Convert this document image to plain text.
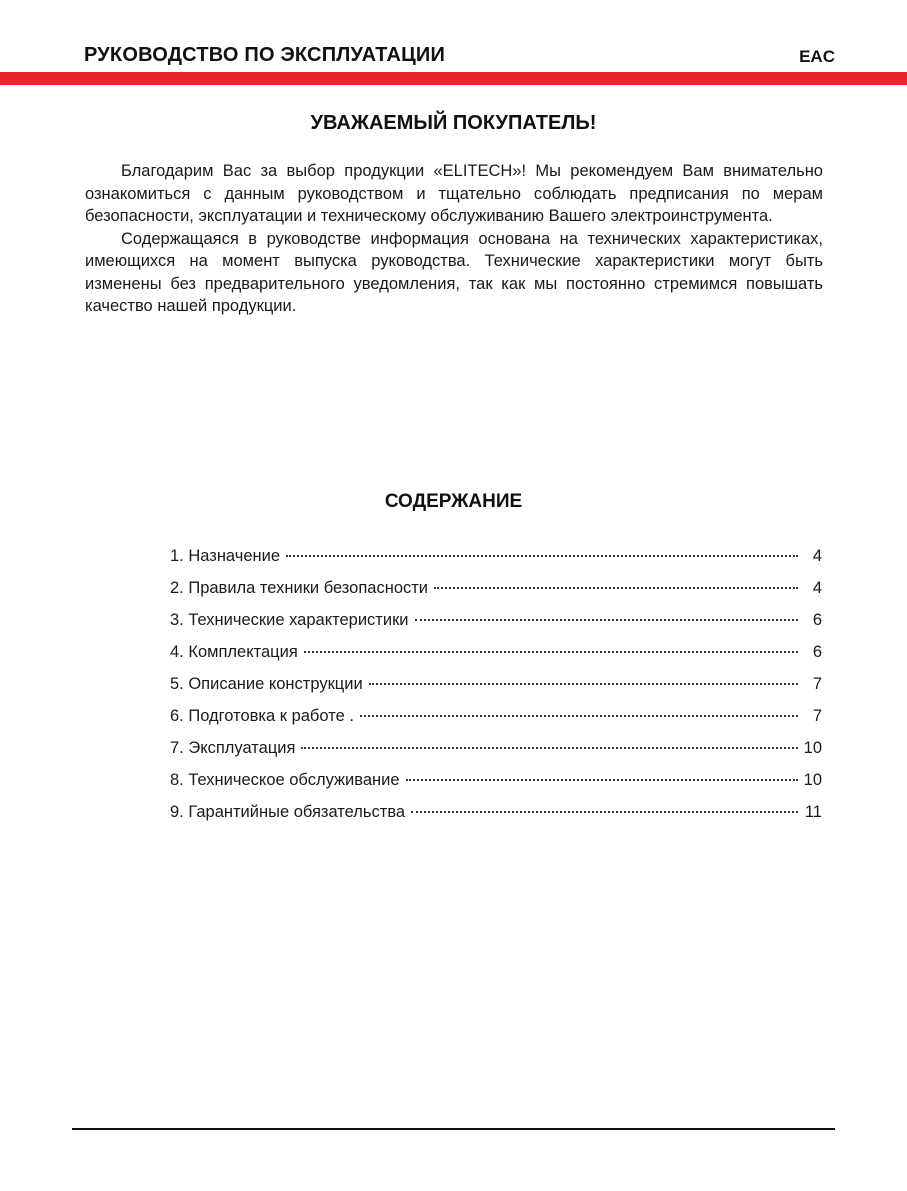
РУКОВОДСТВО ПО ЭКСПЛУАТАЦИИ	EAC
УВАЖАЕМЫЙ ПОКУПАТЕЛЬ!

Благодарим Вас за выбор продукции «ELITECH»! Мы рекомендуем Вам внимательно ознакомиться с данным руководством и тщательно соблюдать предписания по мерам безопасности, эксплуатации и техническому обслуживанию Вашего электроинструмента.

Содержащаяся в руководстве информация основана на технических характеристиках, имеющихся на момент выпуска руководства. Технические характеристики могут быть изменены без предварительного уведомления, так как мы постоянно стремимся повышать качество нашей продукции.

СОДЕРЖАНИЕ
1. Назначение	4
2. Правила техники безопасности	4
3. Технические характеристики	6
4. Комплектация	6
5. Описание конструкции	7
6. Подготовка к работе .	7
7. Эксплуатация	10
8. Техническое обслуживание	10
9. Гарантийные обязательства	11
